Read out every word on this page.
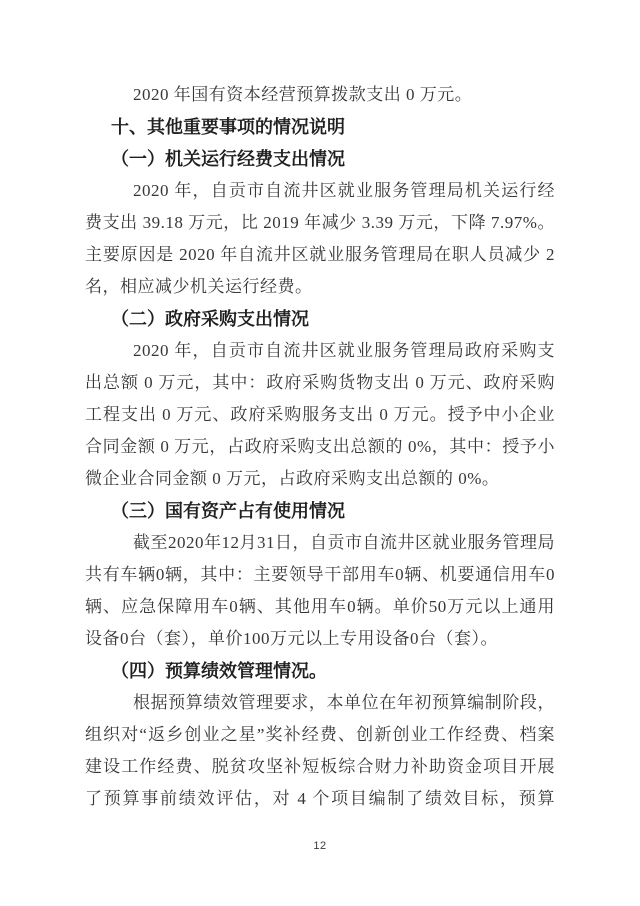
2020 年国有资本经营预算拨款支出 0 万元。

十、其他重要事项的情况说明

（一）机关运行经费支出情况

2020 年，自贡市自流井区就业服务管理局机关运行经费支出 39.18 万元，比 2019 年减少 3.39 万元，下降 7.97%。主要原因是 2020 年自流井区就业服务管理局在职人员减少 2 名，相应减少机关运行经费。

（二）政府采购支出情况

2020 年，自贡市自流井区就业服务管理局政府采购支出总额 0 万元，其中：政府采购货物支出 0 万元、政府采购工程支出 0 万元、政府采购服务支出 0 万元。授予中小企业合同金额 0 万元，占政府采购支出总额的 0%，其中：授予小微企业合同金额 0 万元，占政府采购支出总额的 0%。

（三）国有资产占有使用情况

截至2020年12月31日，自贡市自流井区就业服务管理局共有车辆0辆，其中：主要领导干部用车0辆、机要通信用车0辆、应急保障用车0辆、其他用车0辆。单价50万元以上通用设备0台（套），单价100万元以上专用设备0台（套）。

（四）预算绩效管理情况。

根据预算绩效管理要求，本单位在年初预算编制阶段，组织对“返乡创业之星”奖补经费、创新创业工作经费、档案建设工作经费、脱贫攻坚补短板综合财力补助资金项目开展了预算事前绩效评估，对 4 个项目编制了绩效目标，预算

12
